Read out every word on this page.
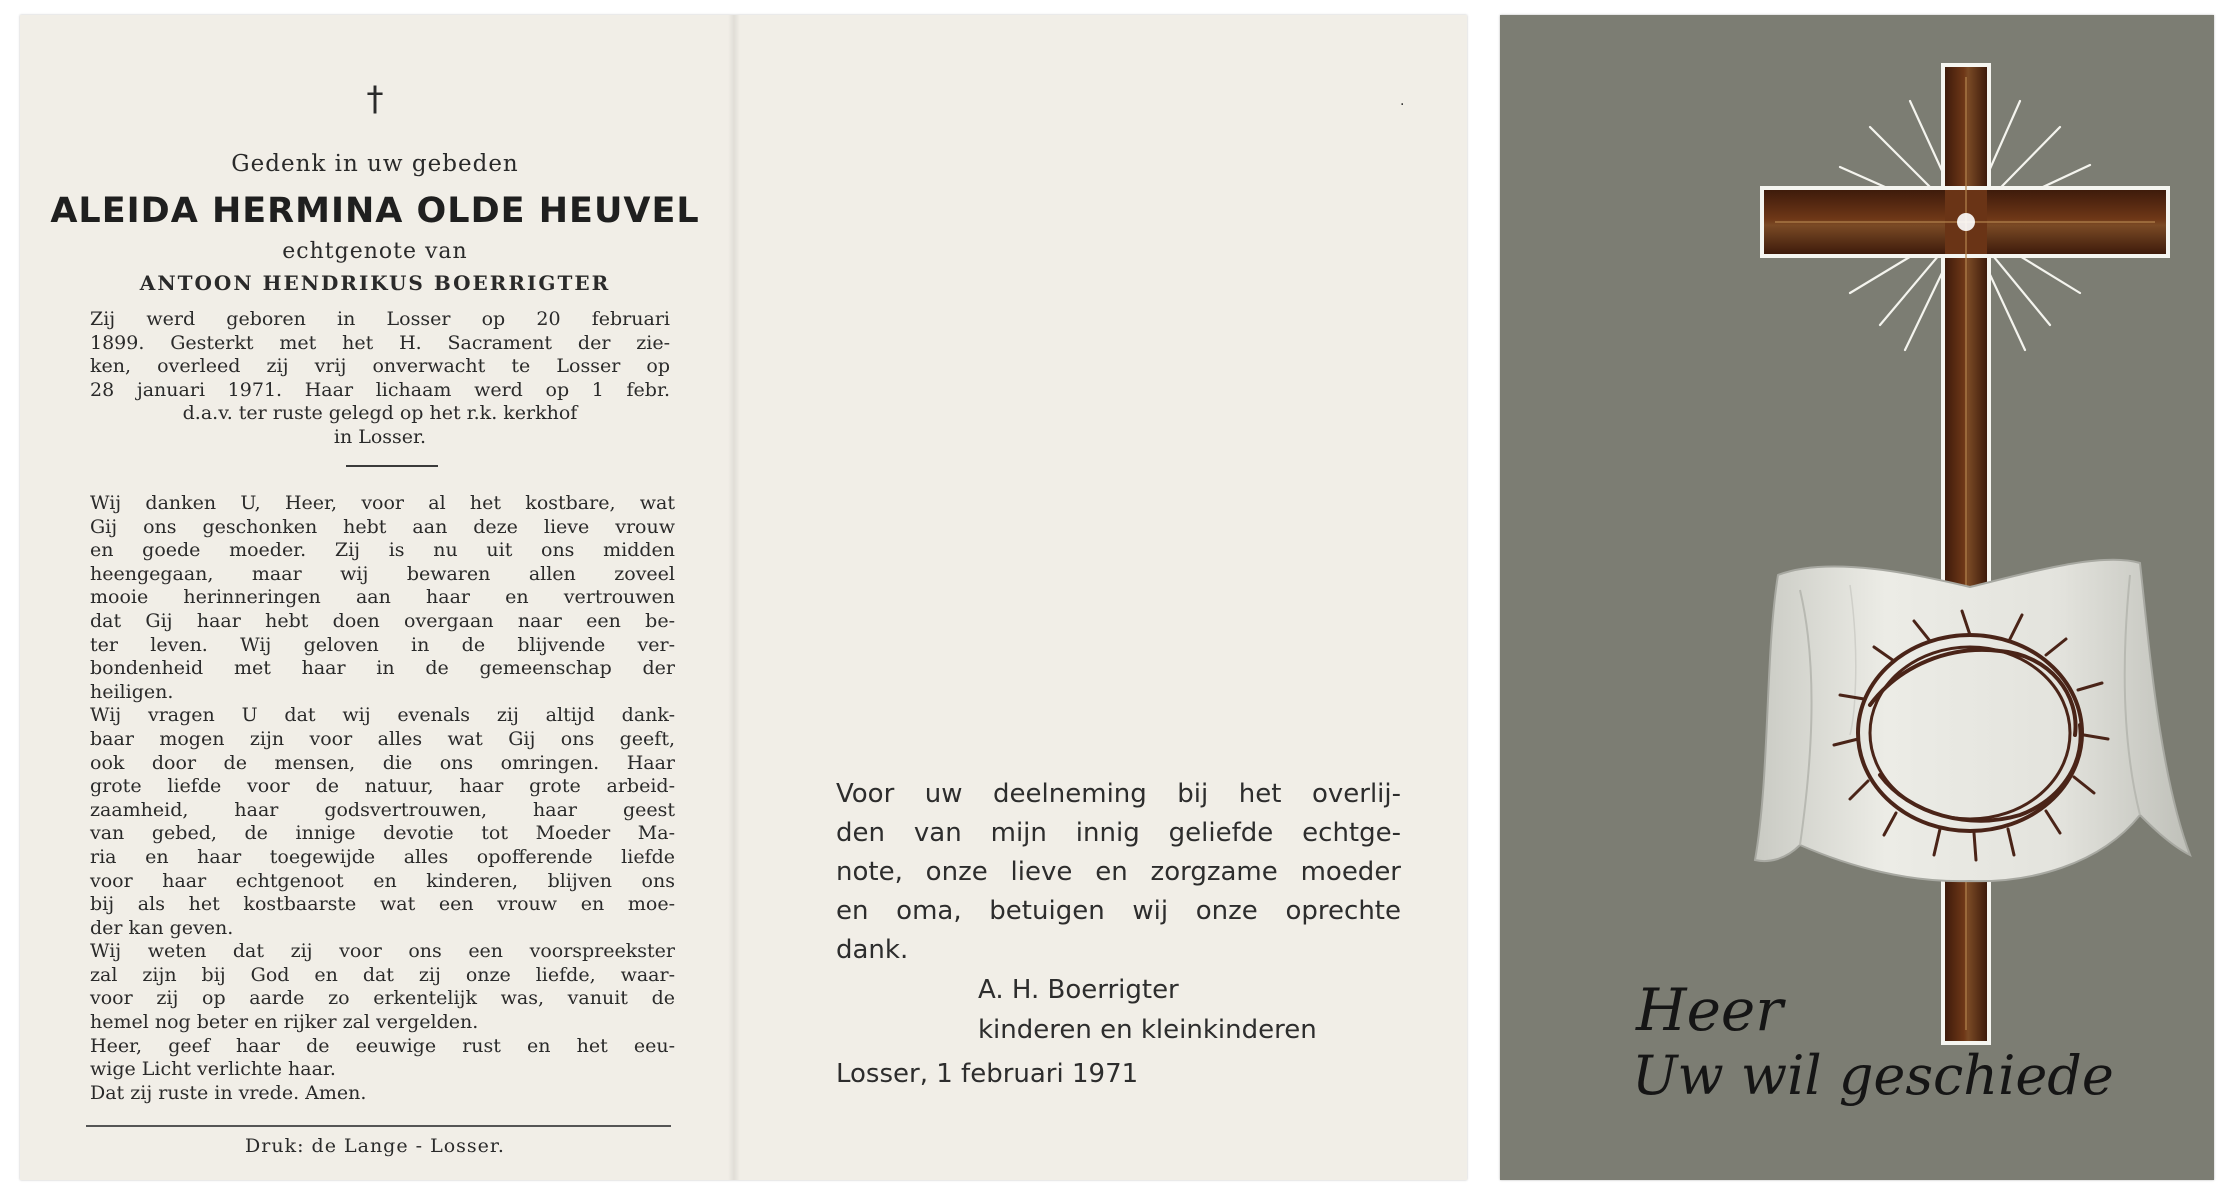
†
Gedenk in uw gebeden
ALEIDA HERMINA OLDE HEUVEL
echtgenote van
ANTOON HENDRIKUS BOERRIGTER
Zij werd geboren in Losser op 20 februari
1899. Gesterkt met het H. Sacrament der zie-
ken, overleed zij vrij onverwacht te Losser op
28 januari 1971. Haar lichaam werd op 1 febr.
d.a.v. ter ruste gelegd op het r.k. kerkhof
in Losser.
Wij danken U, Heer, voor al het kostbare, wat
Gij ons geschonken hebt aan deze lieve vrouw
en goede moeder. Zij is nu uit ons midden
heengegaan, maar wij bewaren allen zoveel
mooie herinneringen aan haar en vertrouwen
dat Gij haar hebt doen overgaan naar een be-
ter leven. Wij geloven in de blijvende ver-
bondenheid met haar in de gemeenschap der
heiligen.
Wij vragen U dat wij evenals zij altijd dank-
baar mogen zijn voor alles wat Gij ons geeft,
ook door de mensen, die ons omringen. Haar
grote liefde voor de natuur, haar grote arbeid-
zaamheid, haar godsvertrouwen, haar geest
van gebed, de innige devotie tot Moeder Ma-
ria en haar toegewijde alles opofferende liefde
voor haar echtgenoot en kinderen, blijven ons
bij als het kostbaarste wat een vrouw en moe-
der kan geven.
Wij weten dat zij voor ons een voorspreekster
zal zijn bij God en dat zij onze liefde, waar-
voor zij op aarde zo erkentelijk was, vanuit de
hemel nog beter en rijker zal vergelden.
Heer, geef haar de eeuwige rust en het eeu-
wige Licht verlichte haar.
Dat zij ruste in vrede. Amen.
Druk: de Lange - Losser.
·
Voor uw deelneming bij het overlij-
den van mijn innig geliefde echtge-
note, onze lieve en zorgzame moeder
en oma, betuigen wij onze oprechte
dank.
A. H. Boerrigter
kinderen en kleinkinderen
Losser, 1 februari 1971
Heer
Uw wil geschiede
